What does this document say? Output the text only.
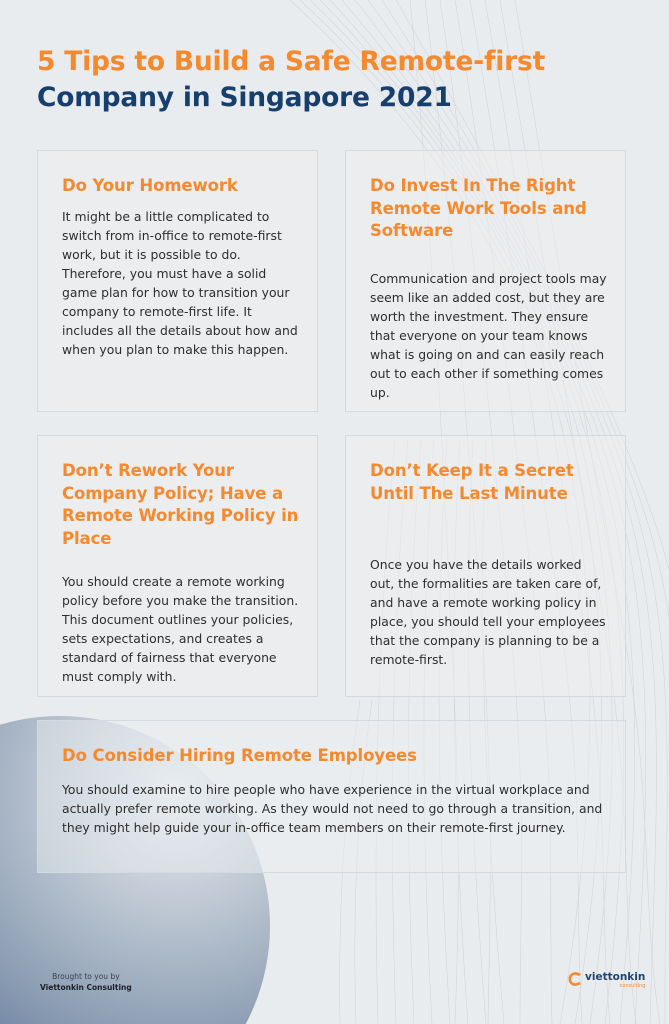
5 Tips to Build a Safe Remote-first
Company in Singapore 2021
Do Your Homework

It might be a little complicated to switch from in-office to remote-first work, but it is possible to do. Therefore, you must have a solid game plan for how to transition your company to remote-first life. It includes all the details about how and when you plan to make this happen.

Do Invest In The Right Remote Work Tools and Software

Communication and project tools may seem like an added cost, but they are worth the investment. They ensure that everyone on your team knows what is going on and can easily reach out to each other if something comes up.

Don’t Rework Your Company Policy; Have a Remote Working Policy in Place

You should create a remote working policy before you make the transition. This document outlines your policies, sets expectations, and creates a standard of fairness that everyone must comply with.

Don’t Keep It a Secret Until The Last Minute

Once you have the details worked out, the formalities are taken care of, and have a remote working policy in place, you should tell your employees that the company is planning to be a remote-first.

Do Consider Hiring Remote Employees

You should examine to hire people who have experience in the virtual workplace and actually prefer remote working. As they would not need to go through a transition, and they might help guide your in-office team members on their remote-first journey.

Brought to you by
Viettonkin Consulting
viettonkin
consulting
